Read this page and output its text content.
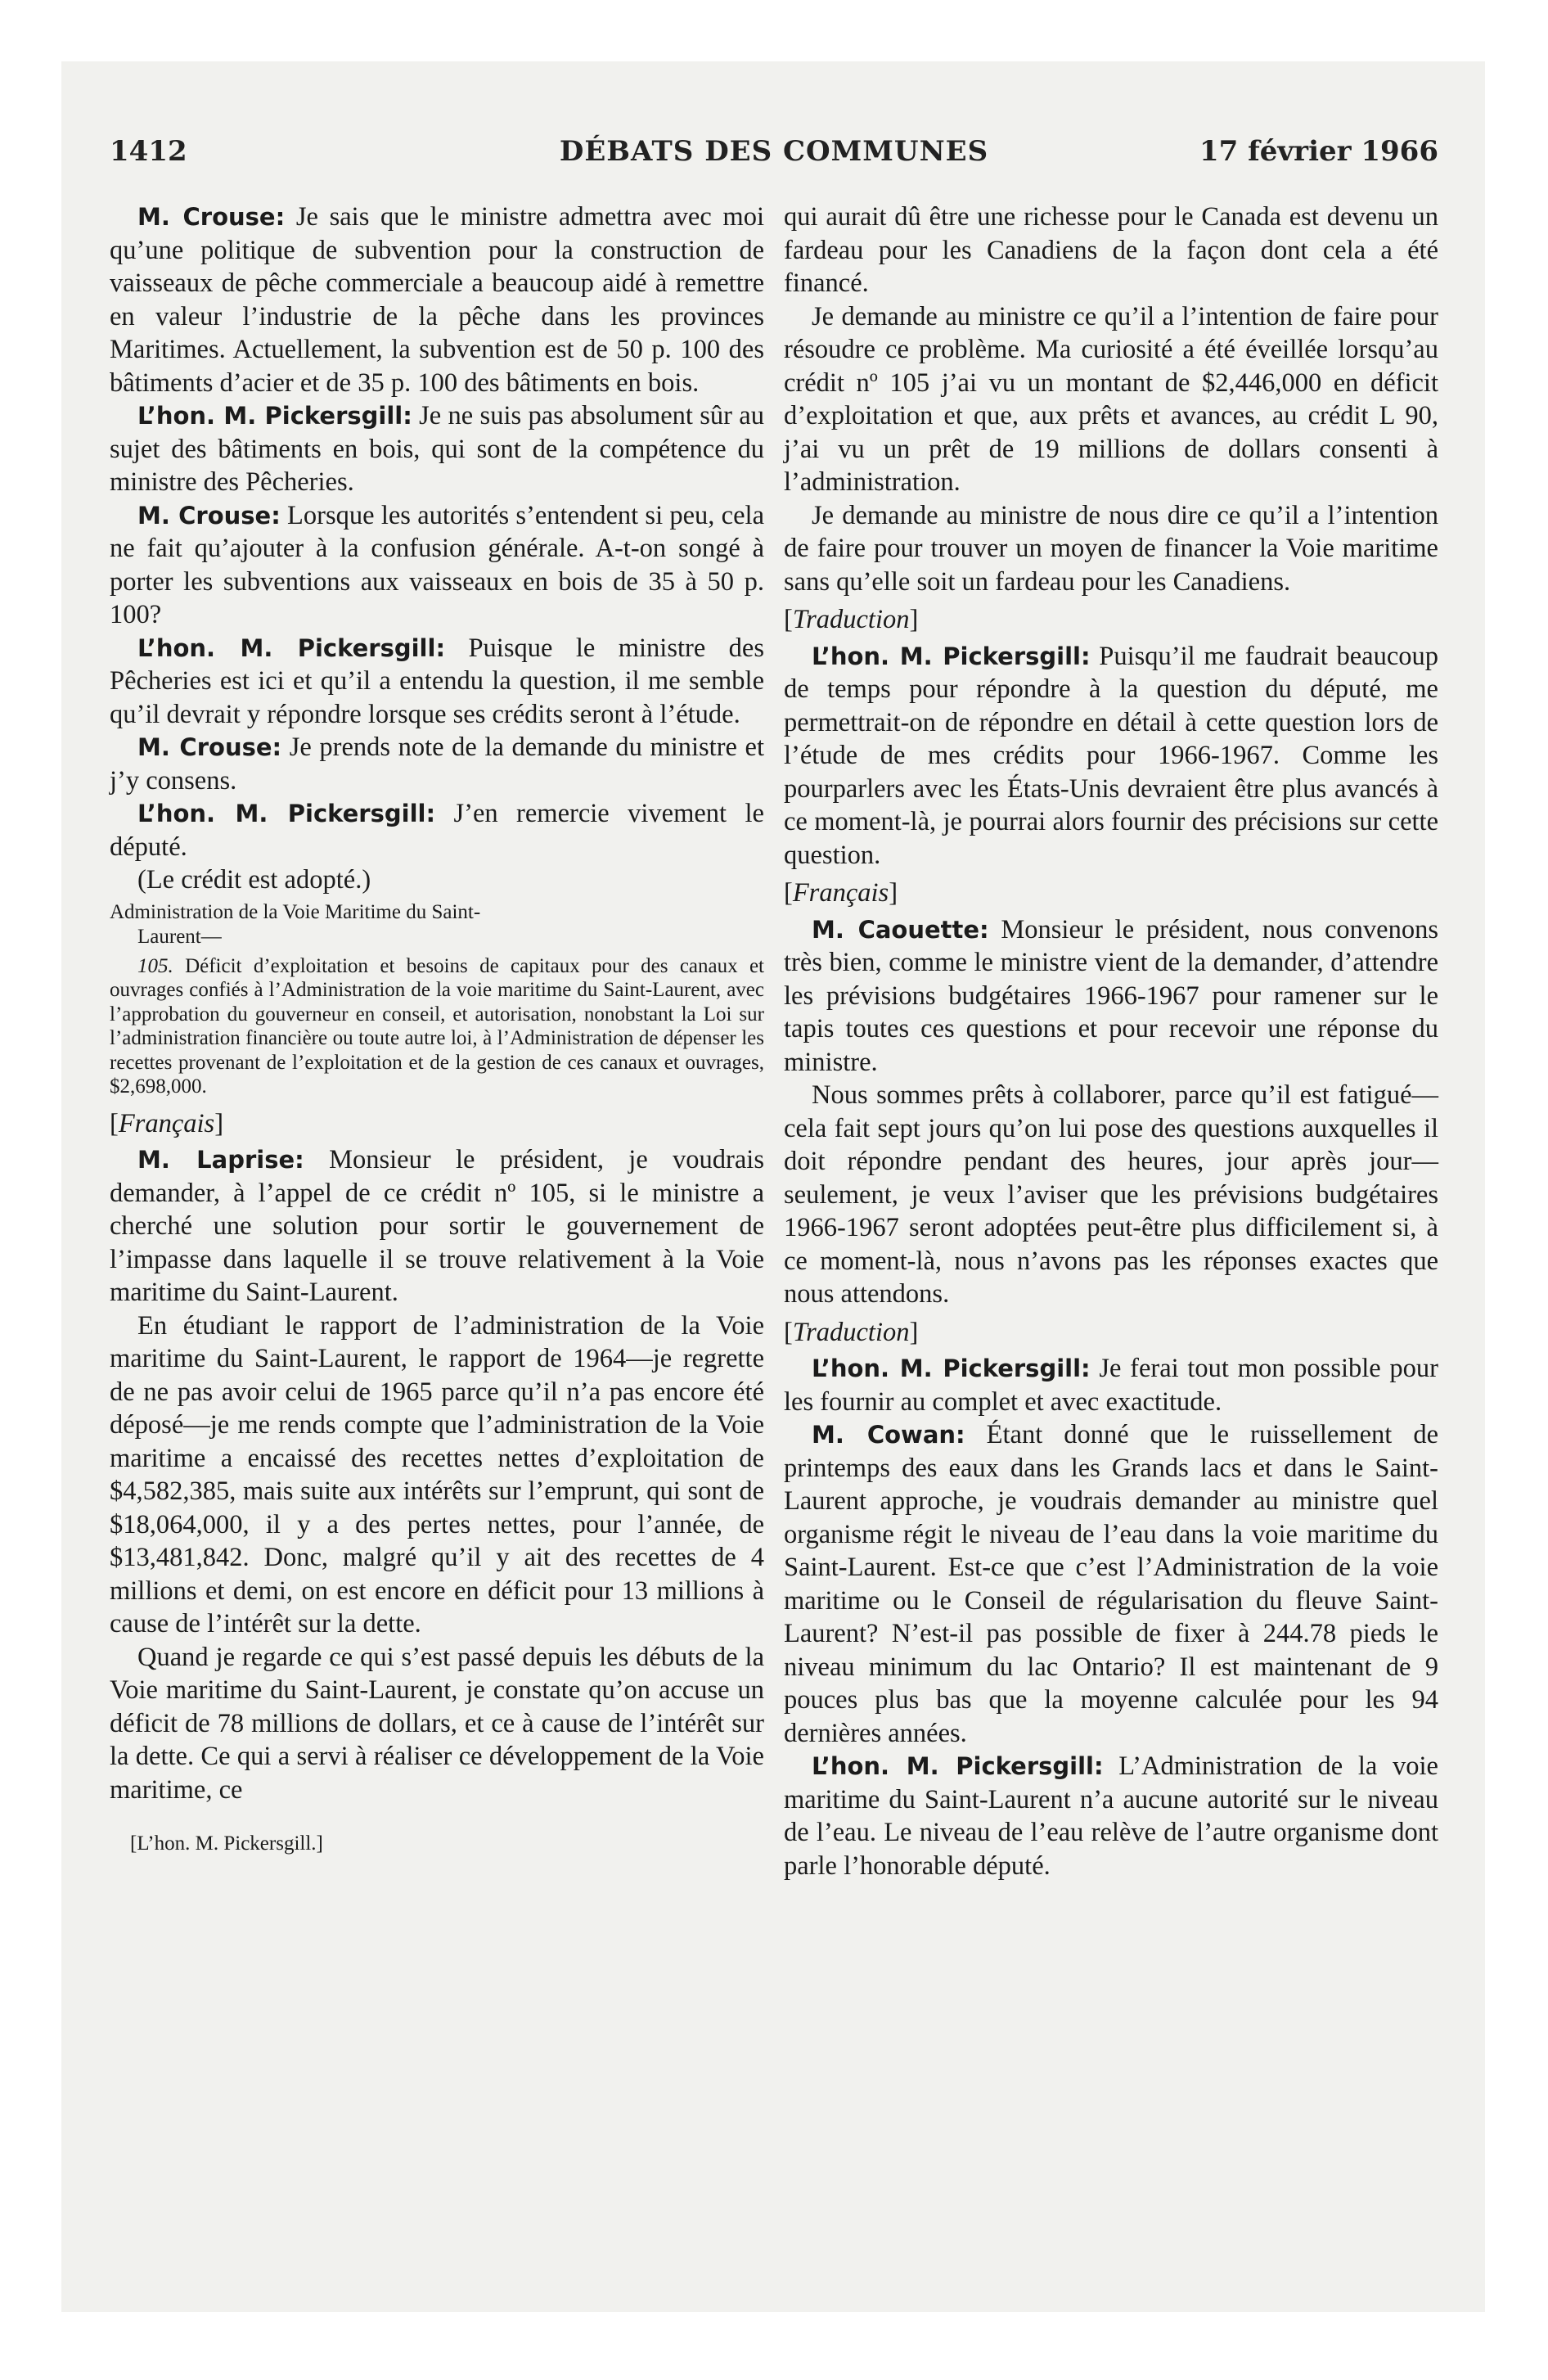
1412	DÉBATS DES COMMUNES	17 février 1966

M. Crouse: Je sais que le ministre admettra avec moi qu’une politique de subvention pour la construction de vaisseaux de pêche commerciale a beaucoup aidé à remettre en valeur l’industrie de la pêche dans les provinces Maritimes. Actuellement, la subvention est de 50 p. 100 des bâtiments d’acier et de 35 p. 100 des bâtiments en bois.

L’hon. M. Pickersgill: Je ne suis pas absolument sûr au sujet des bâtiments en bois, qui sont de la compétence du ministre des Pêcheries.

M. Crouse: Lorsque les autorités s’entendent si peu, cela ne fait qu’ajouter à la confusion générale. A-t-on songé à porter les subventions aux vaisseaux en bois de 35 à 50 p. 100?

L’hon. M. Pickersgill: Puisque le ministre des Pêcheries est ici et qu’il a entendu la question, il me semble qu’il devrait y répondre lorsque ses crédits seront à l’étude.

M. Crouse: Je prends note de la demande du ministre et j’y consens.

L’hon. M. Pickersgill: J’en remercie vivement le député.

(Le crédit est adopté.)

Administration de la Voie Maritime du Saint-
Laurent—

105. Déficit d’exploitation et besoins de capitaux pour des canaux et ouvrages confiés à l’Administration de la voie maritime du Saint-Laurent, avec l’approbation du gouverneur en conseil, et autorisation, nonobstant la Loi sur l’administration financière ou toute autre loi, à l’Administration de dépenser les recettes provenant de l’exploitation et de la gestion de ces canaux et ouvrages, $2,698,000.

[Français]

M. Laprise: Monsieur le président, je voudrais demander, à l’appel de ce crédit nº 105, si le ministre a cherché une solution pour sortir le gouvernement de l’impasse dans laquelle il se trouve relativement à la Voie maritime du Saint-Laurent.

En étudiant le rapport de l’administration de la Voie maritime du Saint-Laurent, le rapport de 1964—je regrette de ne pas avoir celui de 1965 parce qu’il n’a pas encore été déposé—je me rends compte que l’administration de la Voie maritime a encaissé des recettes nettes d’exploitation de $4,582,385, mais suite aux intérêts sur l’emprunt, qui sont de $18,064,000, il y a des pertes nettes, pour l’année, de $13,481,842. Donc, malgré qu’il y ait des recettes de 4 millions et demi, on est encore en déficit pour 13 millions à cause de l’intérêt sur la dette.

Quand je regarde ce qui s’est passé depuis les débuts de la Voie maritime du Saint-Laurent, je constate qu’on accuse un déficit de 78 millions de dollars, et ce à cause de l’intérêt sur la dette. Ce qui a servi à réaliser ce développement de la Voie maritime, ce

[L’hon. M. Pickersgill.]

qui aurait dû être une richesse pour le Canada est devenu un fardeau pour les Canadiens de la façon dont cela a été financé.

Je demande au ministre ce qu’il a l’intention de faire pour résoudre ce problème. Ma curiosité a été éveillée lorsqu’au crédit nº 105 j’ai vu un montant de $2,446,000 en déficit d’exploitation et que, aux prêts et avances, au crédit L 90, j’ai vu un prêt de 19 millions de dollars consenti à l’administration.

Je demande au ministre de nous dire ce qu’il a l’intention de faire pour trouver un moyen de financer la Voie maritime sans qu’elle soit un fardeau pour les Canadiens.

[Traduction]

L’hon. M. Pickersgill: Puisqu’il me faudrait beaucoup de temps pour répondre à la question du député, me permettrait-on de répondre en détail à cette question lors de l’étude de mes crédits pour 1966-1967. Comme les pourparlers avec les États-Unis devraient être plus avancés à ce moment-là, je pourrai alors fournir des précisions sur cette question.

[Français]

M. Caouette: Monsieur le président, nous convenons très bien, comme le ministre vient de la demander, d’attendre les prévisions budgétaires 1966-1967 pour ramener sur le tapis toutes ces questions et pour recevoir une réponse du ministre.

Nous sommes prêts à collaborer, parce qu’il est fatigué—cela fait sept jours qu’on lui pose des questions auxquelles il doit répondre pendant des heures, jour après jour—seulement, je veux l’aviser que les prévisions budgétaires 1966-1967 seront adoptées peut-être plus difficilement si, à ce moment-là, nous n’avons pas les réponses exactes que nous attendons.

[Traduction]

L’hon. M. Pickersgill: Je ferai tout mon possible pour les fournir au complet et avec exactitude.

M. Cowan: Étant donné que le ruissellement de printemps des eaux dans les Grands lacs et dans le Saint-Laurent approche, je voudrais demander au ministre quel organisme régit le niveau de l’eau dans la voie maritime du Saint-Laurent. Est-ce que c’est l’Administration de la voie maritime ou le Conseil de régularisation du fleuve Saint-Laurent? N’est-il pas possible de fixer à 244.78 pieds le niveau minimum du lac Ontario? Il est maintenant de 9 pouces plus bas que la moyenne calculée pour les 94 dernières années.

L’hon. M. Pickersgill: L’Administration de la voie maritime du Saint-Laurent n’a aucune autorité sur le niveau de l’eau. Le niveau de l’eau relève de l’autre organisme dont parle l’honorable député.
